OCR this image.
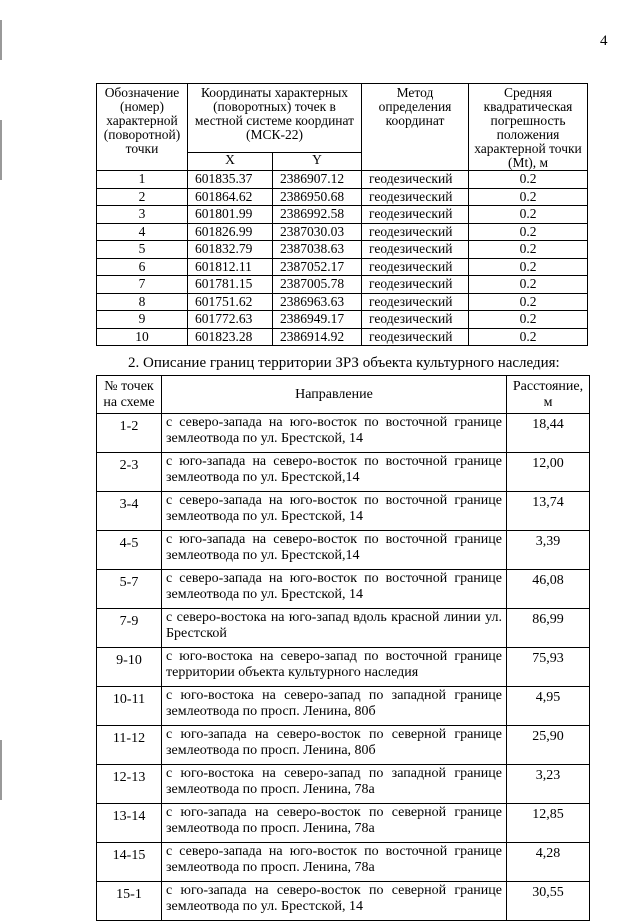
4
Обозначение (номер) характерной (поворотной) точки	Координаты характерных (поворотных) точек в местной системе координат (МСК-22)		Метод определения координат	Средняя квадратическая погрешность положения характерной точки (Mt), м
	X	Y		
1	601835.37	2386907.12	геодезический	0.2
2	601864.62	2386950.68	геодезический	0.2
3	601801.99	2386992.58	геодезический	0.2
4	601826.99	2387030.03	геодезический	0.2
5	601832.79	2387038.63	геодезический	0.2
6	601812.11	2387052.17	геодезический	0.2
7	601781.15	2387005.78	геодезический	0.2
8	601751.62	2386963.63	геодезический	0.2
9	601772.63	2386949.17	геодезический	0.2
10	601823.28	2386914.92	геодезический	0.2
2. Описание границ территории ЗРЗ объекта культурного наследия:
№ точек на схеме	Направление	Расстояние, м
1-2	с северо-запада на юго-восток по восточной границе землеотвода по ул. Брестской, 14	18,44
2-3	с юго-запада на северо-восток по восточной границе землеотвода по ул. Брестской,14	12,00
3-4	с северо-запада на юго-восток по восточной границе землеотвода по ул. Брестской, 14	13,74
4-5	с юго-запада на северо-восток по восточной границе землеотвода по ул. Брестской,14	3,39
5-7	с северо-запада на юго-восток по восточной границе землеотвода по ул. Брестской, 14	46,08
7-9	с северо-востока на юго-запад вдоль красной линии ул. Брестской	86,99
9-10	с юго-востока на северо-запад по восточной границе территории объекта культурного наследия	75,93
10-11	с юго-востока на северо-запад по западной границе землеотвода по просп. Ленина, 80б	4,95
11-12	с юго-запада на северо-восток по северной границе землеотвода по просп. Ленина, 80б	25,90
12-13	с юго-востока на северо-запад по западной границе землеотвода по просп. Ленина, 78а	3,23
13-14	с юго-запада на северо-восток по северной границе землеотвода по просп. Ленина, 78а	12,85
14-15	с северо-запада на юго-восток по восточной границе землеотвода по просп. Ленина, 78а	4,28
15-1	с юго-запада на северо-восток по северной границе землеотвода по ул. Брестской, 14	30,55
